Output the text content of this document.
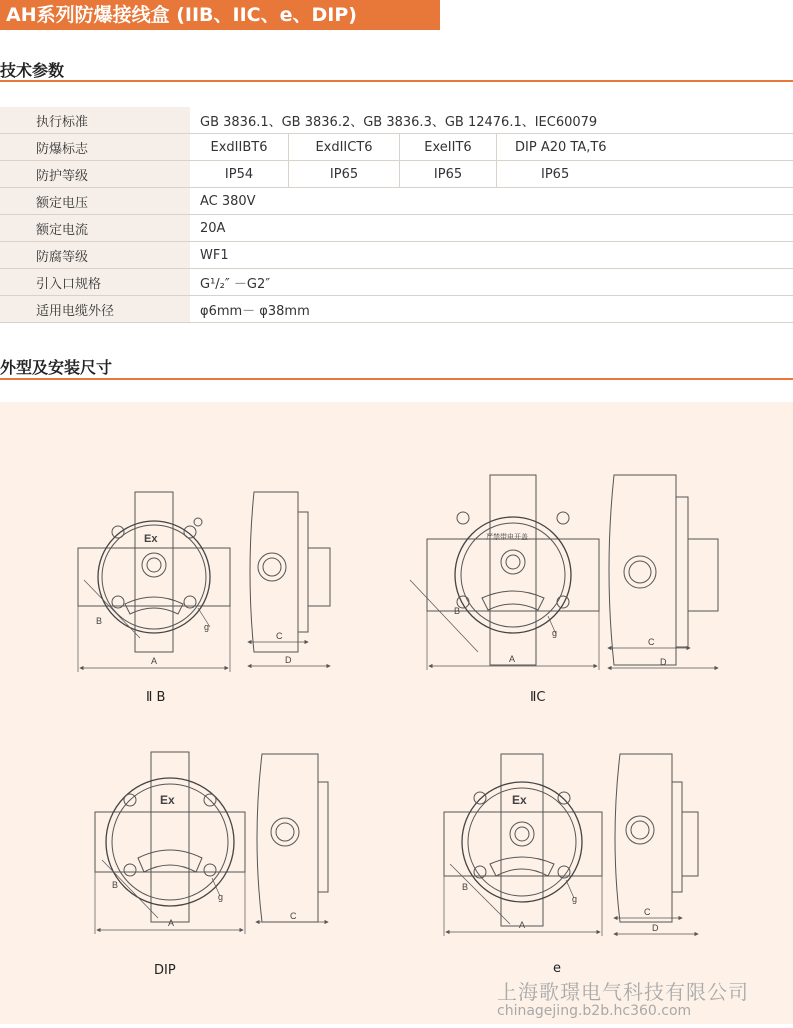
AH系列防爆接线盒 (IIB、IIC、e、DIP)
技术参数
执行标准	GB 3836.1、GB 3836.2、GB 3836.3、GB 12476.1、IEC60079			
防爆标志	ExdIIBT6	ExdIICT6	ExeIIT6	DIP A20 TA,T6
防护等级	IP54	IP65	IP65	IP65
额定电压	AC 380V			
额定电流	20A			
防腐等级	WF1			
引入口规格	G¹/₂″ －G2″			
适用电缆外径	φ6mm－ φ38mm			
外型及安装尺寸
A
B
g
Ex
C
D	A
B
g
严禁带电开盖
C
D
A
B
g
Ex
C
A
B
g
Ex
C
D
Ⅱ B	ⅡC
DIP	e
上海歌璟电气科技有限公司
chinagejing.b2b.hc360.com
